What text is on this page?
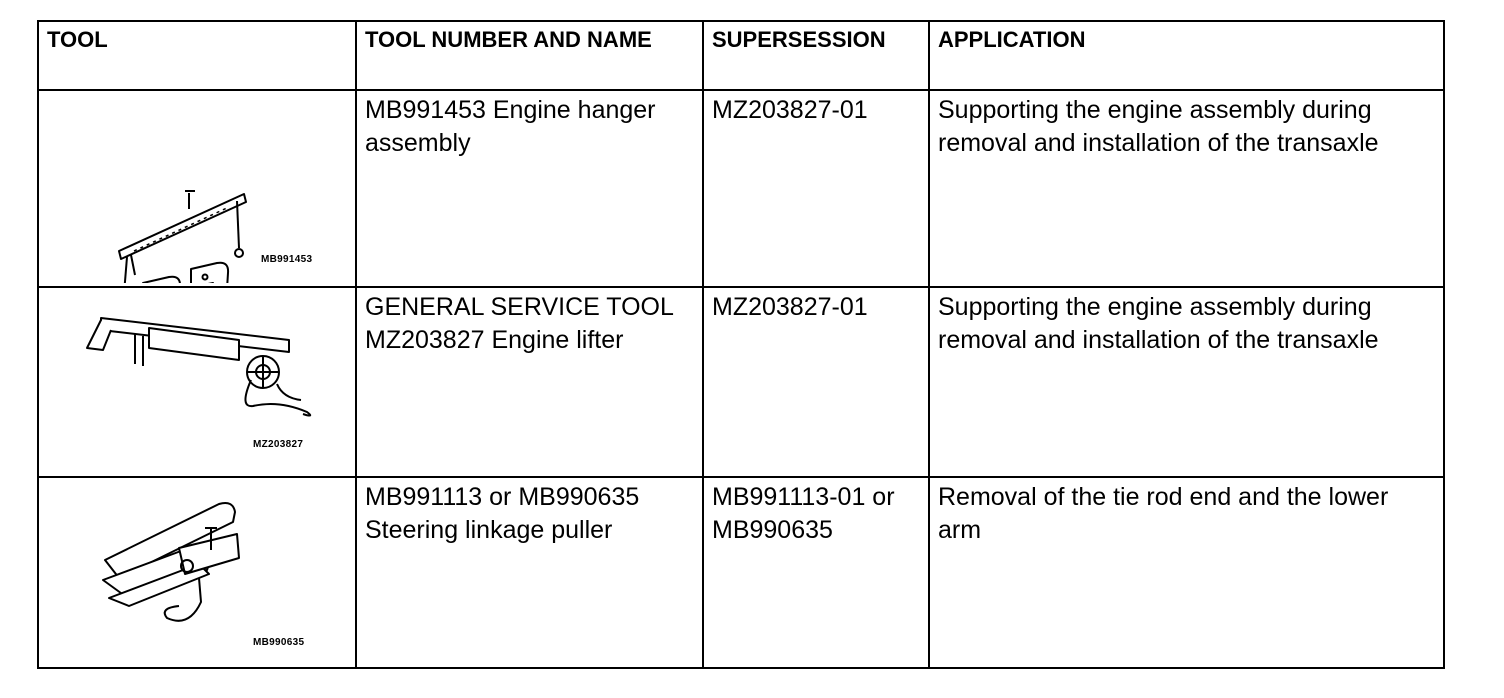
TOOL	TOOL NUMBER AND NAME	SUPERSESSION	APPLICATION

MB991453	MB991453 Engine hanger assembly	MZ203827-01	Supporting the engine assembly during removal and installation of the transaxle

MZ203827	GENERAL SERVICE TOOL MZ203827 Engine lifter	MZ203827-01	Supporting the engine assembly during removal and installation of the transaxle

MB990635	MB991113 or MB990635 Steering linkage puller	MB991113-01 or MB990635	Removal of the tie rod end and the lower arm
